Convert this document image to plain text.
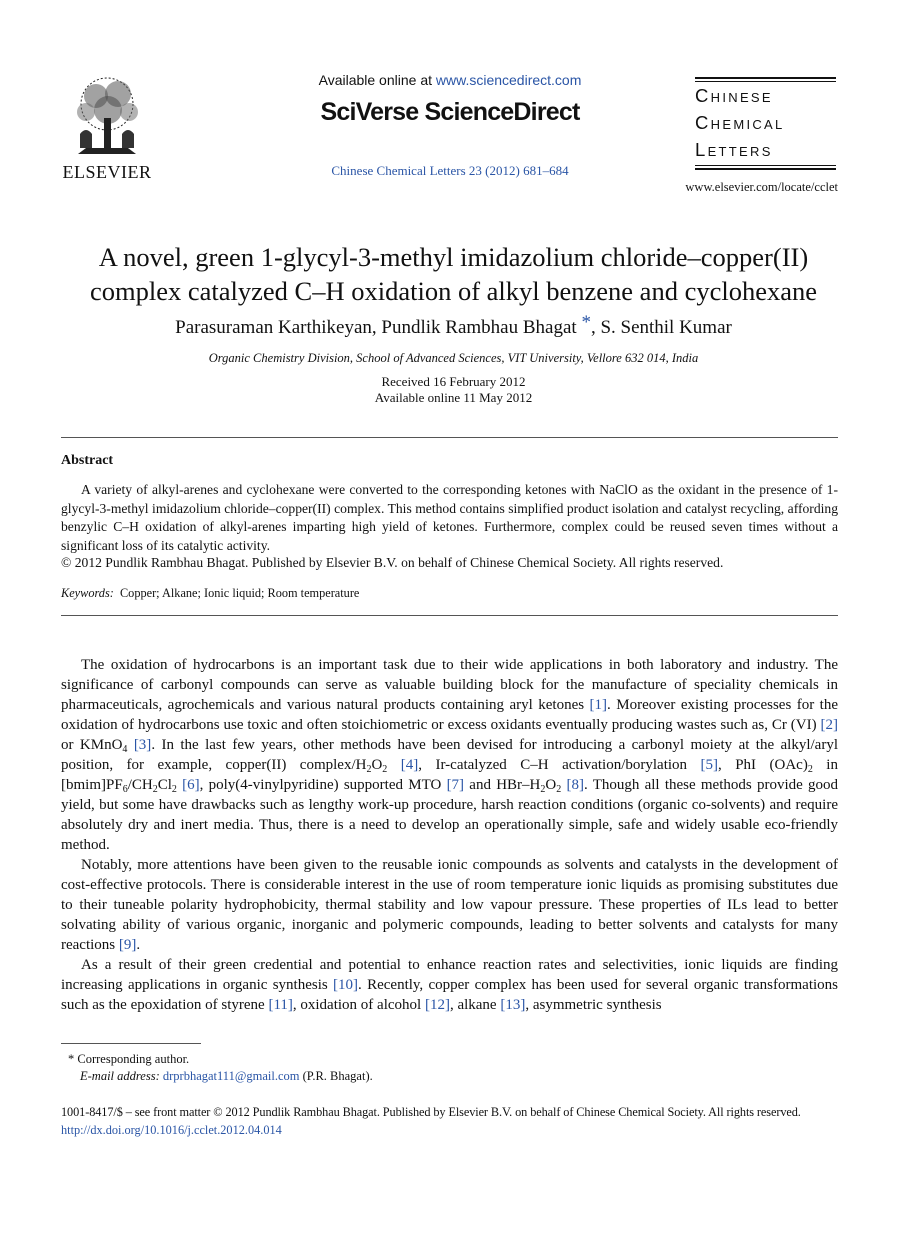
ELSEVIER
Available online at www.sciencedirect.com
SciVerse ScienceDirect
Chinese Chemical Letters 23 (2012) 681–684
Chinese
Chemical
Letters
www.elsevier.com/locate/cclet
A novel, green 1-glycyl-3-methyl imidazolium chloride–copper(II)
complex catalyzed C–H oxidation of alkyl benzene and cyclohexane
Parasuraman Karthikeyan, Pundlik Rambhau Bhagat *, S. Senthil Kumar
Organic Chemistry Division, School of Advanced Sciences, VIT University, Vellore 632 014, India
Received 16 February 2012
Available online 11 May 2012
Abstract
A variety of alkyl-arenes and cyclohexane were converted to the corresponding ketones with NaClO as the oxidant in the presence of 1-glycyl-3-methyl imidazolium chloride–copper(II) complex. This method contains simplified product isolation and catalyst recycling, affording benzylic C–H oxidation of alkyl-arenes imparting high yield of ketones. Furthermore, complex could be reused seven times without a significant loss of its catalytic activity.
© 2012 Pundlik Rambhau Bhagat. Published by Elsevier B.V. on behalf of Chinese Chemical Society. All rights reserved.
Keywords: Copper; Alkane; Ionic liquid; Room temperature

The oxidation of hydrocarbons is an important task due to their wide applications in both laboratory and industry. The significance of carbonyl compounds can serve as valuable building block for the manufacture of speciality chemicals in pharmaceuticals, agrochemicals and various natural products containing aryl ketones [1]. Moreover existing processes for the oxidation of hydrocarbons use toxic and often stoichiometric or excess oxidants eventually producing wastes such as, Cr (VI) [2] or KMnO$_4$ [3]. In the last few years, other methods have been devised for introducing a carbonyl moiety at the alkyl/aryl position, for example, copper(II) complex/$H_2O_2$ [4], Ir-catalyzed C–H activation/borylation [5], PhI $(OAc)_2$ in $[bmim]PF_6/CH_2Cl_2$ [6], poly(4-vinylpyridine) supported MTO [7] and HBr–$H_2O_2$ [8]. Though all these methods provide good yield, but some have drawbacks such as lengthy work-up procedure, harsh reaction conditions (organic co-solvents) and require absolutely dry and inert media. Thus, there is a need to develop an operationally simple, safe and widely usable eco-friendly method.

Notably, more attentions have been given to the reusable ionic compounds as solvents and catalysts in the development of cost-effective protocols. There is considerable interest in the use of room temperature ionic liquids as promising substitutes due to their tuneable polarity hydrophobicity, thermal stability and low vapour pressure. These properties of ILs lead to better solvating ability of various organic, inorganic and polymeric compounds, leading to better solvents and catalysts for many reactions [9].

As a result of their green credential and potential to enhance reaction rates and selectivities, ionic liquids are finding increasing applications in organic synthesis [10]. Recently, copper complex has been used for several organic transformations such as the epoxidation of styrene [11], oxidation of alcohol [12], alkane [13], asymmetric synthesis

* Corresponding author.
E-mail address: drprbhagat111@gmail.com (P.R. Bhagat).
1001-8417/$ – see front matter © 2012 Pundlik Rambhau Bhagat. Published by Elsevier B.V. on behalf of Chinese Chemical Society. All rights reserved.
http://dx.doi.org/10.1016/j.cclet.2012.04.014
